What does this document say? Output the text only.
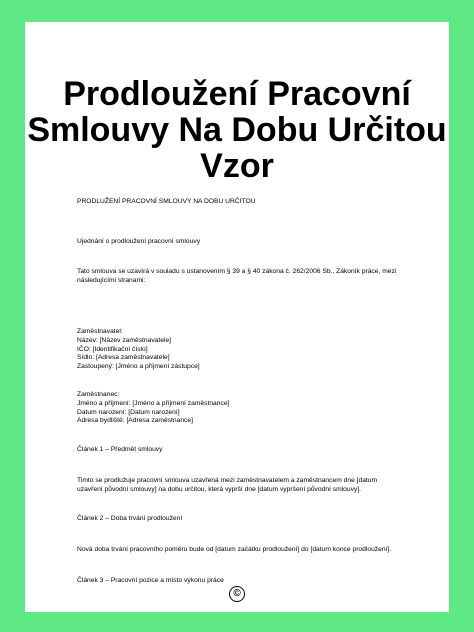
Prodloužení Pracovní
Smlouvy Na Dobu Určitou
Vzor
PRODLUŽENÍ PRACOVNÍ SMLOUVY NA DOBU URČITOU
Ujednání o prodloužení pracovní smlouvy
Tato smlouva se uzavírá v souladu s ustanovením § 39 a § 40 zákona č. 262/2006 Sb., Zákoník práce, mezi
následujícími stranami:
Zaměstnavatel:
Název: [Název zaměstnavatele]
IČO: [Identifikační číslo]
Sídlo: [Adresa zaměstnavatele]
Zastoupený: [Jméno a příjmení zástupce]
Zaměstnanec:
Jméno a příjmení: [Jméno a příjmení zaměstnance]
Datum narození: [Datum narození]
Adresa bydliště: [Adresa zaměstnance]
Článek 1 – Předmět smlouvy
Timto se prodlužuje pracovní smlouva uzavřená mezi zaměstnavatelem a zaměstnancem dne [datum
uzavření původní smlouvy] na dobu určitou, která vyprší dne [datum vypršení původní smlouvy].
Článek 2 – Doba trvání prodloužení
Nová doba trvání pracovního poměru bude od [datum začátku prodloužení] do [datum konce prodloužení].
Článek 3 – Pracovní pozice a místo výkonu práce
©
